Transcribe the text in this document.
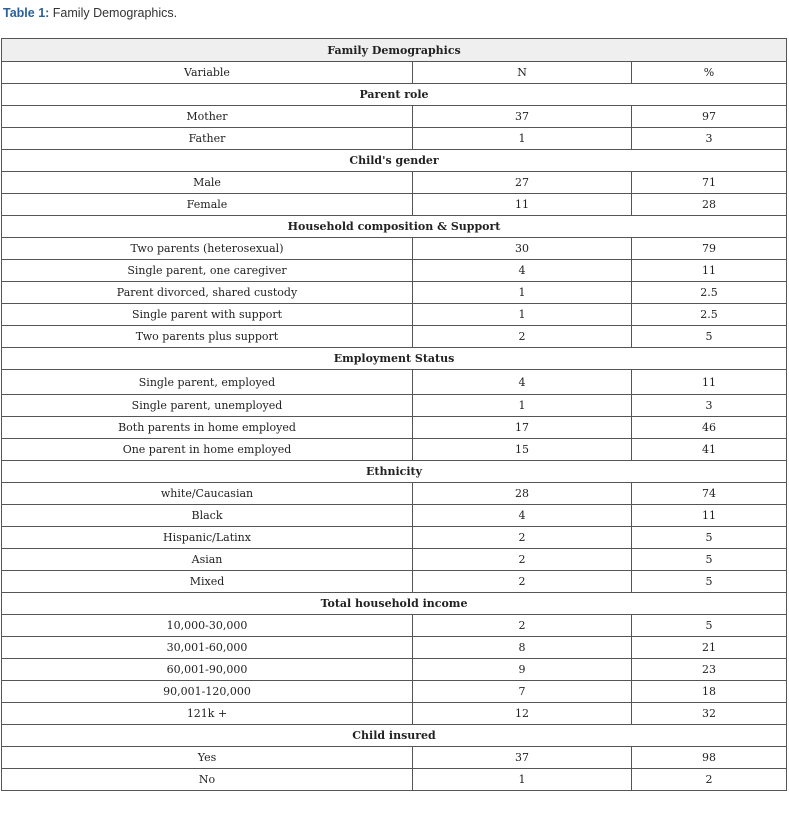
Table 1: Family Demographics.
Family Demographics		
Variable	N	%
Parent role		
Mother	37	97
Father	1	3
Child's gender		
Male	27	71
Female	11	28
Household composition & Support		
Two parents (heterosexual)	30	79
Single parent, one caregiver	4	11
Parent divorced, shared custody	1	2.5
Single parent with support	1	2.5
Two parents plus support	2	5
Employment Status		
Single parent, employed	4	11
Single parent, unemployed	1	3
Both parents in home employed	17	46
One parent in home employed	15	41
Ethnicity		
white/Caucasian	28	74
Black	4	11
Hispanic/Latinx	2	5
Asian	2	5
Mixed	2	5
Total household income		
10,000-30,000	2	5
30,001-60,000	8	21
60,001-90,000	9	23
90,001-120,000	7	18
121k +	12	32
Child insured		
Yes	37	98
No	1	2
